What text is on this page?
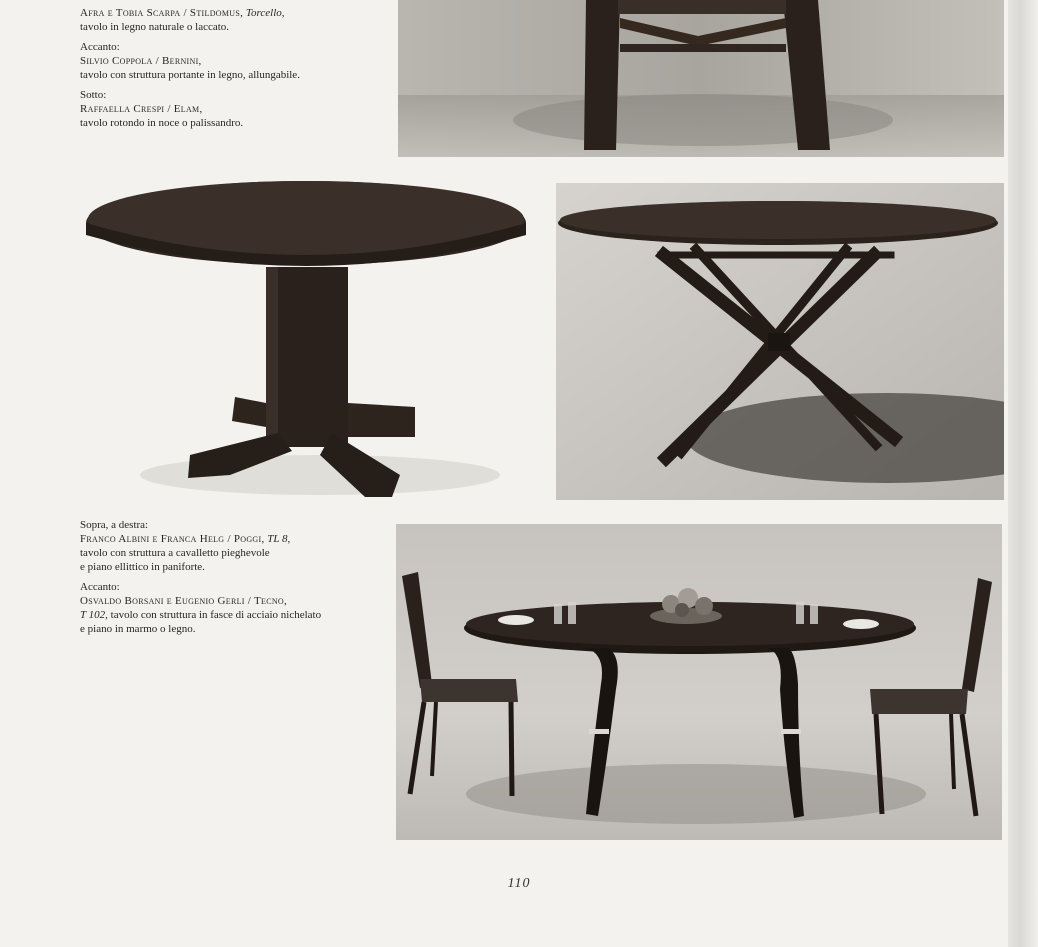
Afra e Tobia Scarpa / Stildomus, Torcello,
tavolo in legno naturale o laccato.

Accanto:
Silvio Coppola / Bernini,
tavolo con struttura portante in legno, allungabile.

Sotto:
Raffaella Crespi / Elam,
tavolo rotondo in noce o palissandro.

Sopra, a destra:
Franco Albini e Franca Helg / Poggi, TL 8,
tavolo con struttura a cavalletto pieghevole
e piano ellittico in paniforte.

Accanto:
Osvaldo Borsani e Eugenio Gerli / Tecno,
T 102, tavolo con struttura in fasce di acciaio nichelato
e piano in marmo o legno.

110
